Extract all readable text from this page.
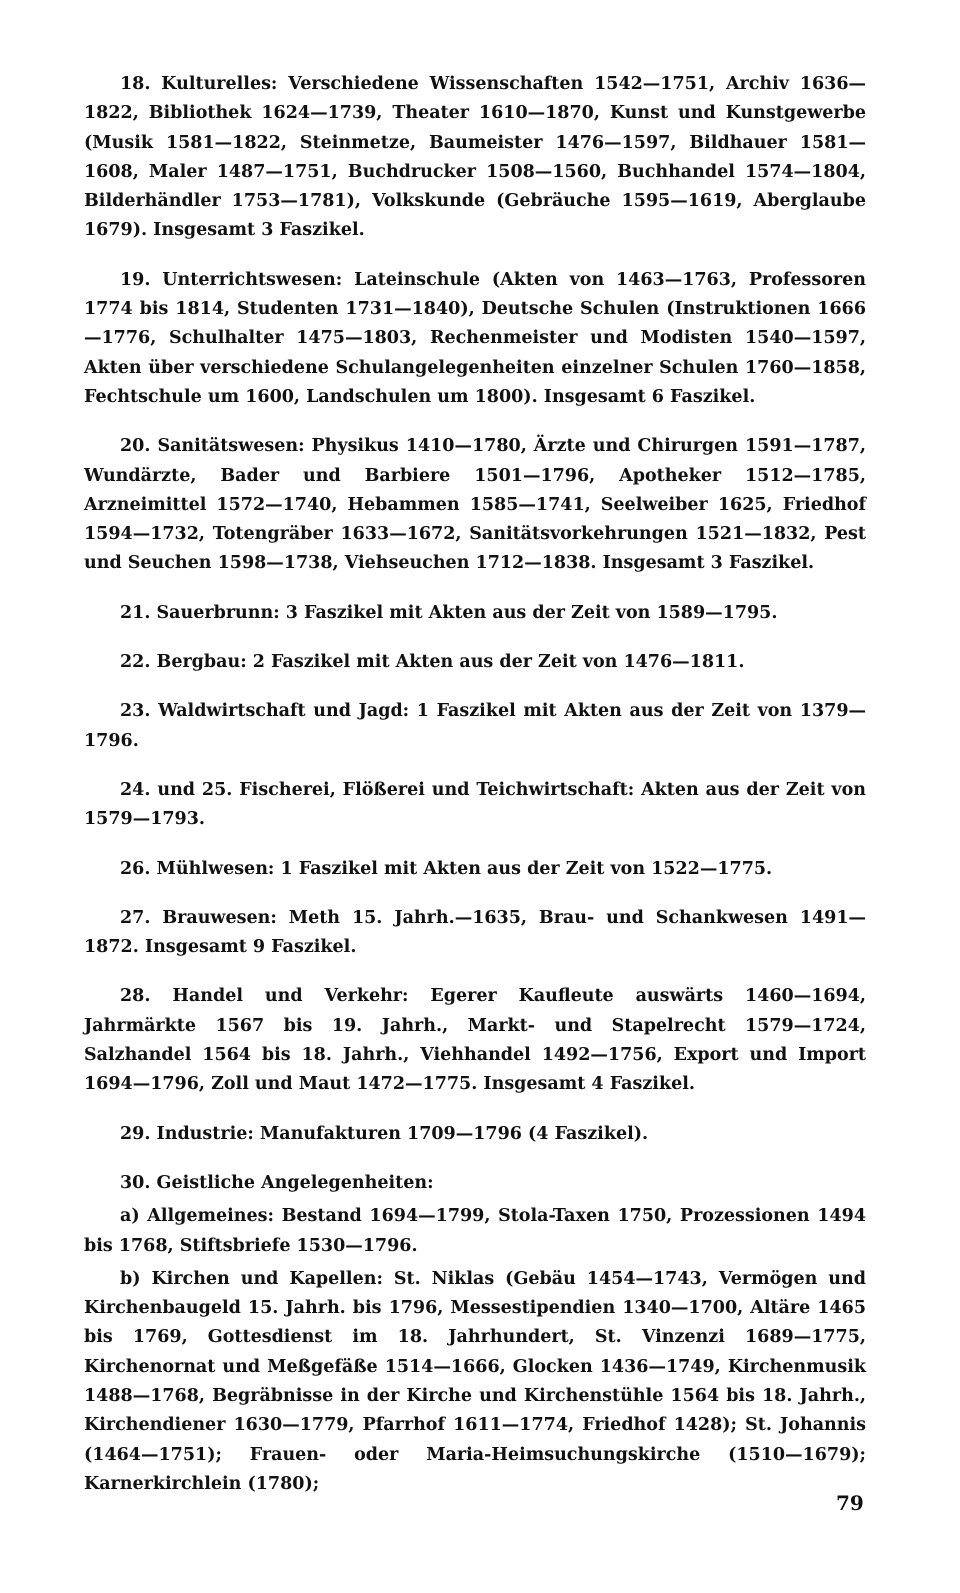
18. Kulturelles: Verschiedene Wissenschaften 1542—1751, Archiv 1636—1822, Bibliothek 1624—1739, Theater 1610—1870, Kunst und Kunstgewerbe (Musik 1581—1822, Steinmetze, Baumeister 1476—1597, Bildhauer 1581—1608, Maler 1487—1751, Buchdrucker 1508—1560, Buchhandel 1574—1804, Bilderhändler 1753—1781), Volkskunde (Gebräuche 1595—1619, Aberglaube 1679). Insgesamt 3 Faszikel.

19. Unterrichtswesen: Lateinschule (Akten von 1463—1763, Professoren 1774 bis 1814, Studenten 1731—1840), Deutsche Schulen (Instruktionen 1666—1776, Schulhalter 1475—1803, Rechenmeister und Modisten 1540—1597, Akten über verschiedene Schulangelegenheiten einzelner Schulen 1760—1858, Fechtschule um 1600, Landschulen um 1800). Insgesamt 6 Faszikel.

20. Sanitätswesen: Physikus 1410—1780, Ärzte und Chirurgen 1591—1787, Wundärzte, Bader und Barbiere 1501—1796, Apotheker 1512—1785, Arzneimittel 1572—1740, Hebammen 1585—1741, Seelweiber 1625, Friedhof 1594—1732, Totengräber 1633—1672, Sanitätsvorkehrungen 1521—1832, Pest und Seuchen 1598—1738, Viehseuchen 1712—1838. Insgesamt 3 Faszikel.

21. Sauerbrunn: 3 Faszikel mit Akten aus der Zeit von 1589—1795.

22. Bergbau: 2 Faszikel mit Akten aus der Zeit von 1476—1811.

23. Waldwirtschaft und Jagd: 1 Faszikel mit Akten aus der Zeit von 1379—1796.

24. und 25. Fischerei, Flößerei und Teichwirtschaft: Akten aus der Zeit von 1579—1793.

26. Mühlwesen: 1 Faszikel mit Akten aus der Zeit von 1522—1775.

27. Brauwesen: Meth 15. Jahrh.—1635, Brau- und Schankwesen 1491—1872. Insgesamt 9 Faszikel.

28. Handel und Verkehr: Egerer Kaufleute auswärts 1460—1694, Jahrmärkte 1567 bis 19. Jahrh., Markt- und Stapelrecht 1579—1724, Salzhandel 1564 bis 18. Jahrh., Viehhandel 1492—1756, Export und Import 1694—1796, Zoll und Maut 1472—1775. Insgesamt 4 Faszikel.

29. Industrie: Manufakturen 1709—1796 (4 Faszikel).

30. Geistliche Angelegenheiten:

a) Allgemeines: Bestand 1694—1799, Stola-Taxen 1750, Prozessionen 1494 bis 1768, Stiftsbriefe 1530—1796.

b) Kirchen und Kapellen: St. Niklas (Gebäu 1454—1743, Vermögen und Kirchenbaugeld 15. Jahrh. bis 1796, Messestipendien 1340—1700, Altäre 1465 bis 1769, Gottesdienst im 18. Jahrhundert, St. Vinzenzi 1689—1775, Kirchenornat und Meßgefäße 1514—1666, Glocken 1436—1749, Kirchenmusik 1488—1768, Begräbnisse in der Kirche und Kirchenstühle 1564 bis 18. Jahrh., Kirchendiener 1630—1779, Pfarrhof 1611—1774, Friedhof 1428); St. Johannis (1464—1751); Frauen- oder Maria-Heimsuchungskirche (1510—1679); Karnerkirchlein (1780);

79
